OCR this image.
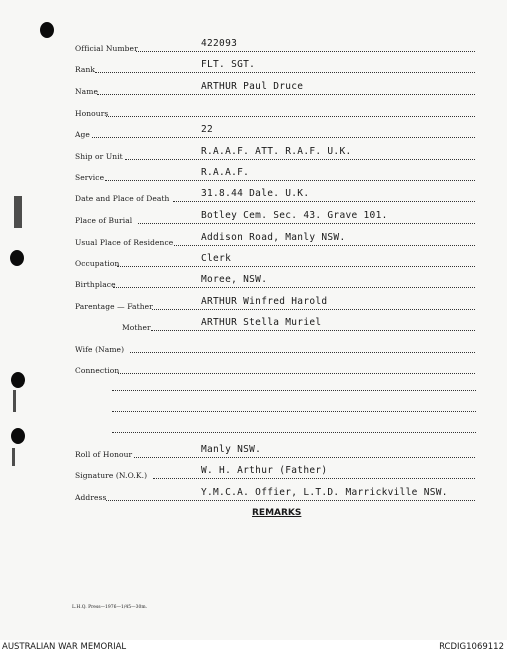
Official Number	422093
Rank	FLT. SGT.
Name	ARTHUR Paul Druce
Honours
Age	22
Ship or Unit	R.A.A.F. ATT. R.A.F. U.K.
Service	R.A.A.F.
Date and Place of Death	31.8.44 Dale. U.K.
Place of Burial	Botley Cem. Sec. 43. Grave 101.
Usual Place of Residence	Addison Road, Manly NSW.
Occupation	Clerk
Birthplace	Moree, NSW.
Parentage — Father	ARTHUR Winfred Harold
Mother	ARTHUR Stella Muriel
Wife (Name)
Connection
Roll of Honour	Manly NSW.
Signature (N.O.K.)	W. H. Arthur (Father)
Address	Y.M.C.A. Offier, L.T.D. Marrickville NSW.
REMARKS
L.H.Q. Press—1976—1/45—30m.
AUSTRALIAN WAR MEMORIAL	RCDIG1069112
